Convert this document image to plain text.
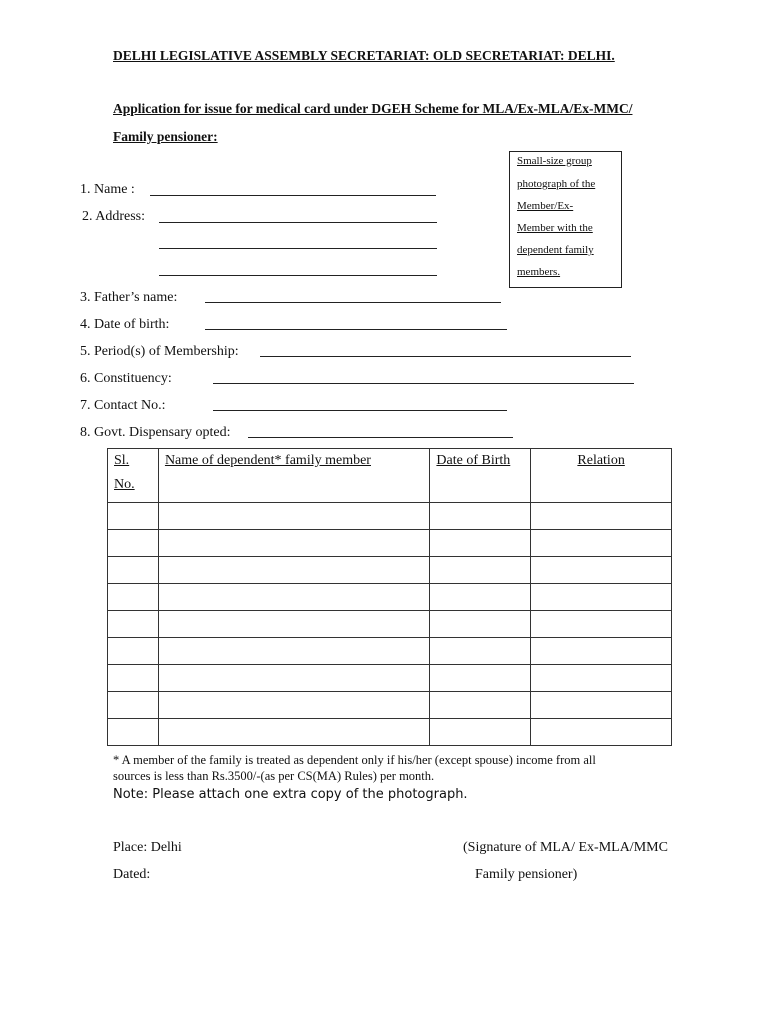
DELHI LEGISLATIVE ASSEMBLY SECRETARIAT: OLD SECRETARIAT: DELHI.
Application for issue for medical card under DGEH Scheme for MLA/Ex-MLA/Ex-MMC/
Family pensioner:
Small-size group
photograph of the
Member/Ex-
Member with the
dependent family
members.
1. Name :
2. Address:
3. Father’s name:
4. Date of birth:
5. Period(s) of Membership:
6. Constituency:
7. Contact No.:
8. Govt. Dispensary opted:
Sl.
No.	Name of dependent* family member	Date of Birth	Relation

* A member of the family is treated as dependent only if his/her (except spouse) income from all
sources is less than Rs.3500/-(as per CS(MA) Rules) per month.
Note: Please attach one extra copy of the photograph.
Place: Delhi
Dated:
(Signature of MLA/ Ex-MLA/MMC
Family pensioner)
